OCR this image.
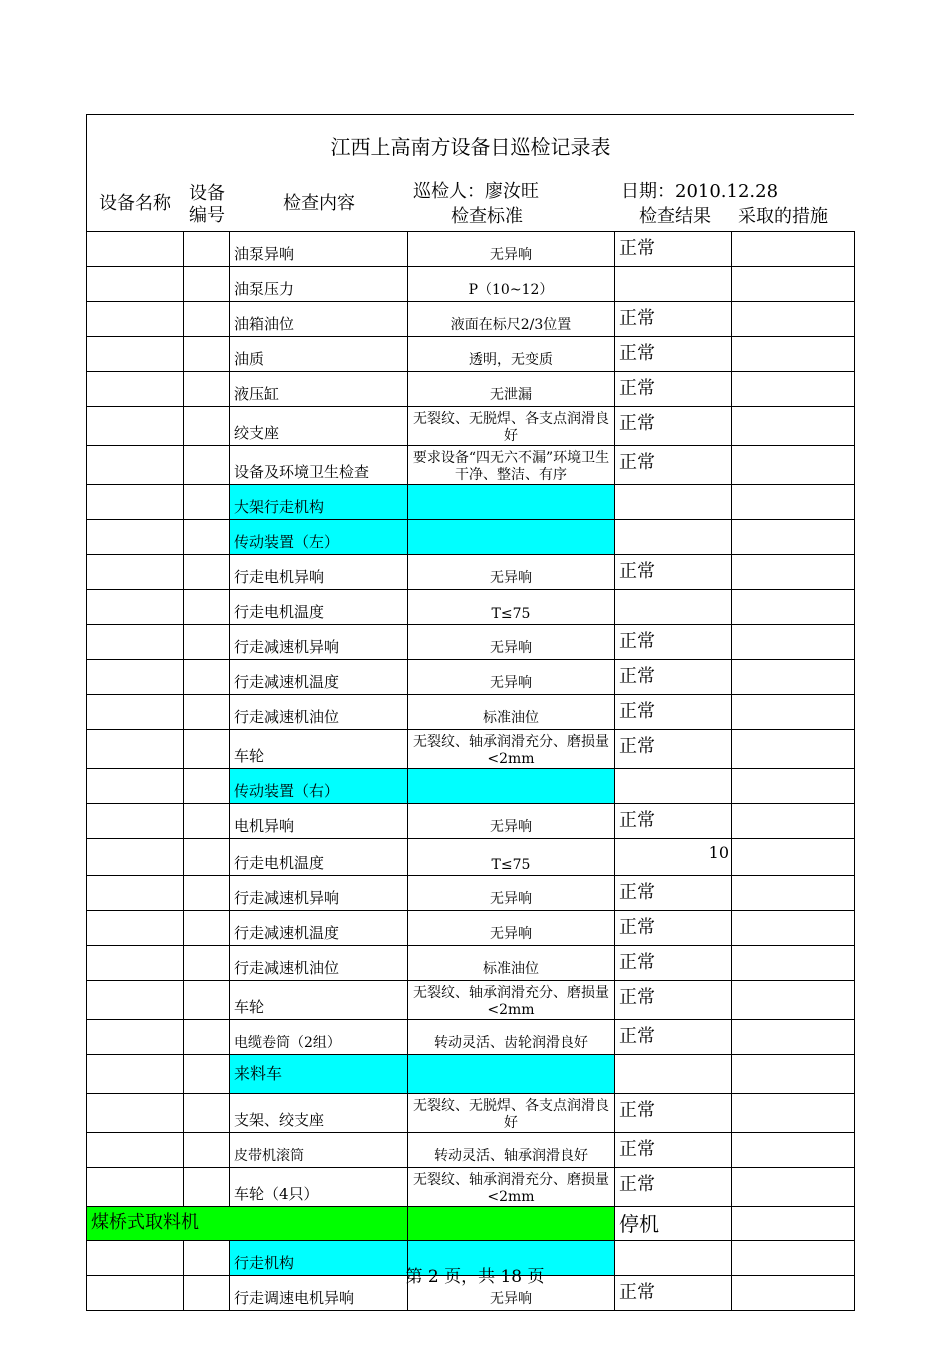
江西上高南方设备日巡检记录表
设备名称 设备编号
检查内容
巡检人：廖汝旺
检查标准
日期：2010.12.28
检查结果 采取的措施
		油泵异响	无异响	正常	
		油泵压力	P（10~12）		
		油箱油位	液面在标尺2/3位置	正常	
		油质	透明，无变质	正常	
		液压缸	无泄漏	正常	
		绞支座	无裂纹、无脱焊、各支点润滑良好	正常	
		设备及环境卫生检查	要求设备“四无六不漏”环境卫生干净、整洁、有序	正常	
		大架行走机构			
		传动装置（左）			
		行走电机异响	无异响	正常	
		行走电机温度	T≤75		
		行走减速机异响	无异响	正常	
		行走减速机温度	无异响	正常	
		行走减速机油位	标准油位	正常	
		车轮	无裂纹、轴承润滑充分、磨损量<2mm	正常	
		传动装置（右）			
		电机异响	无异响	正常	
		行走电机温度	T≤75	10	
		行走减速机异响	无异响	正常	
		行走减速机温度	无异响	正常	
		行走减速机油位	标准油位	正常	
		车轮	无裂纹、轴承润滑充分、磨损量<2mm	正常	
		电缆卷筒（2组）	转动灵活、齿轮润滑良好	正常	
		来料车			
		支架、绞支座	无裂纹、无脱焊、各支点润滑良好	正常	
		皮带机滚筒	转动灵活、轴承润滑良好	正常	
		车轮（4只）	无裂纹、轴承润滑充分、磨损量<2mm	正常	
煤桥式取料机				停机	
		行走机构			
		行走调速电机异响	无异响	正常	
第 2 页，共 18 页
